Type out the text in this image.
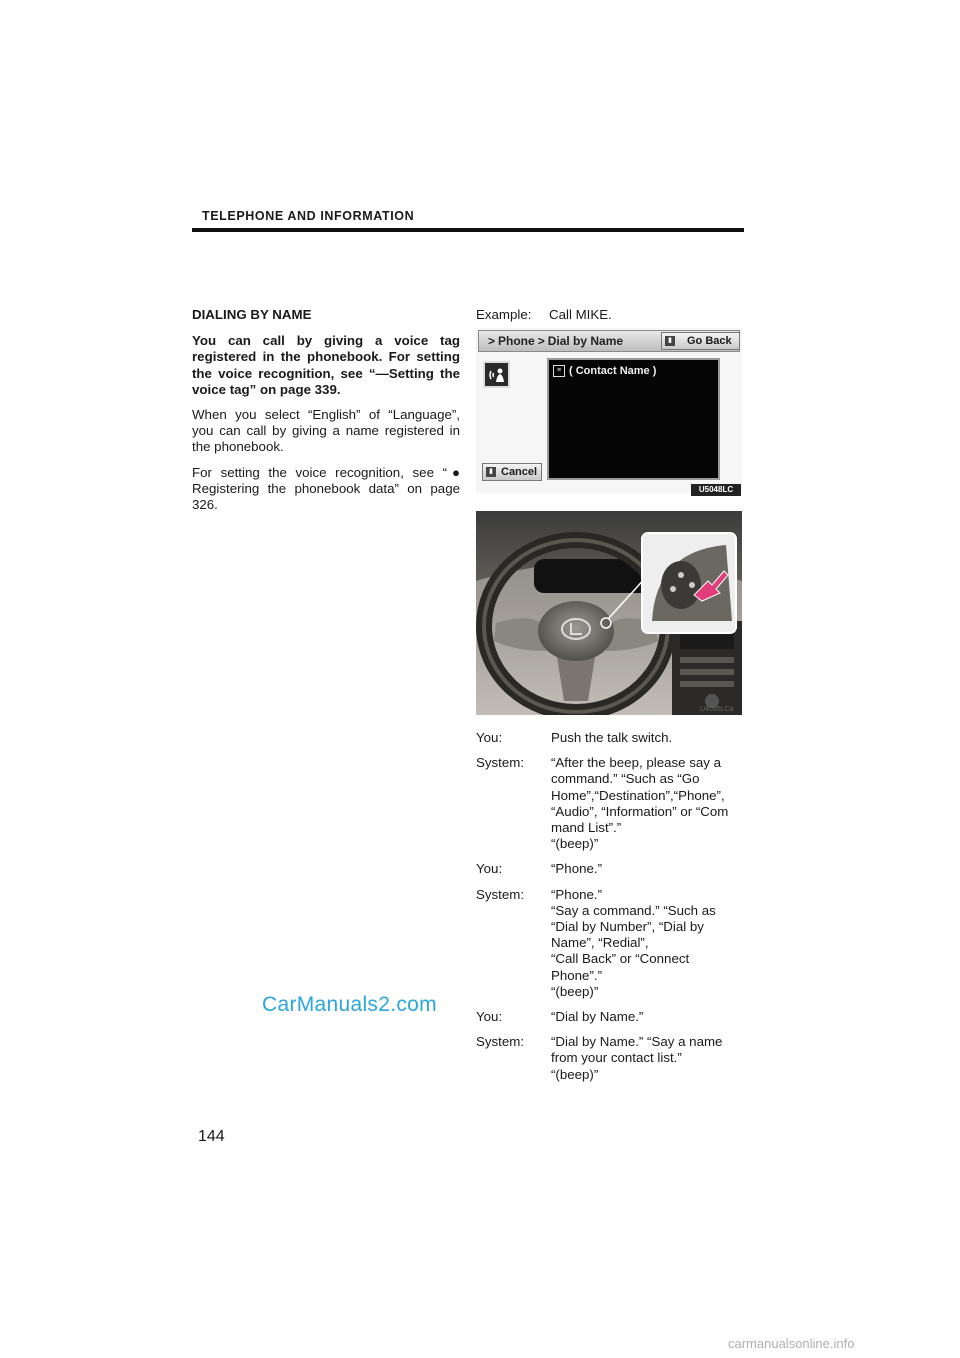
TELEPHONE AND INFORMATION
DIALING BY NAME

You can call by giving a voice tag registered in the phonebook. For setting the voice recognition, see “—Setting the voice tag” on page 339.

When you select “English” of “Language”, you can call by giving a name registered in the phonebook.

For setting the voice recognition, see “● Registering the phonebook data” on page 326.

Example: Call MIKE.
> Phone > Dial by Name	▮ Go Back
≡ ( Contact Name )
▮ Cancel
U5048LC
U4035LCa
You:	Push the talk switch.
System: “After the beep, please say a
command.” “Such as “Go
Home”,“Destination”,“Phone”,
“Audio”, “Information” or “Com
mand List”.”
“(beep)”
You:	“Phone.”
System: “Phone.”
“Say a command.” “Such as
“Dial by Number”, “Dial by
Name”, “Redial”,
“Call Back” or “Connect
Phone”.”
“(beep)”
You:	“Dial by Name.”
System: “Dial by Name.” “Say a name
from your contact list.”
“(beep)”
CarManuals2.com
144
carmanualsonline.info
